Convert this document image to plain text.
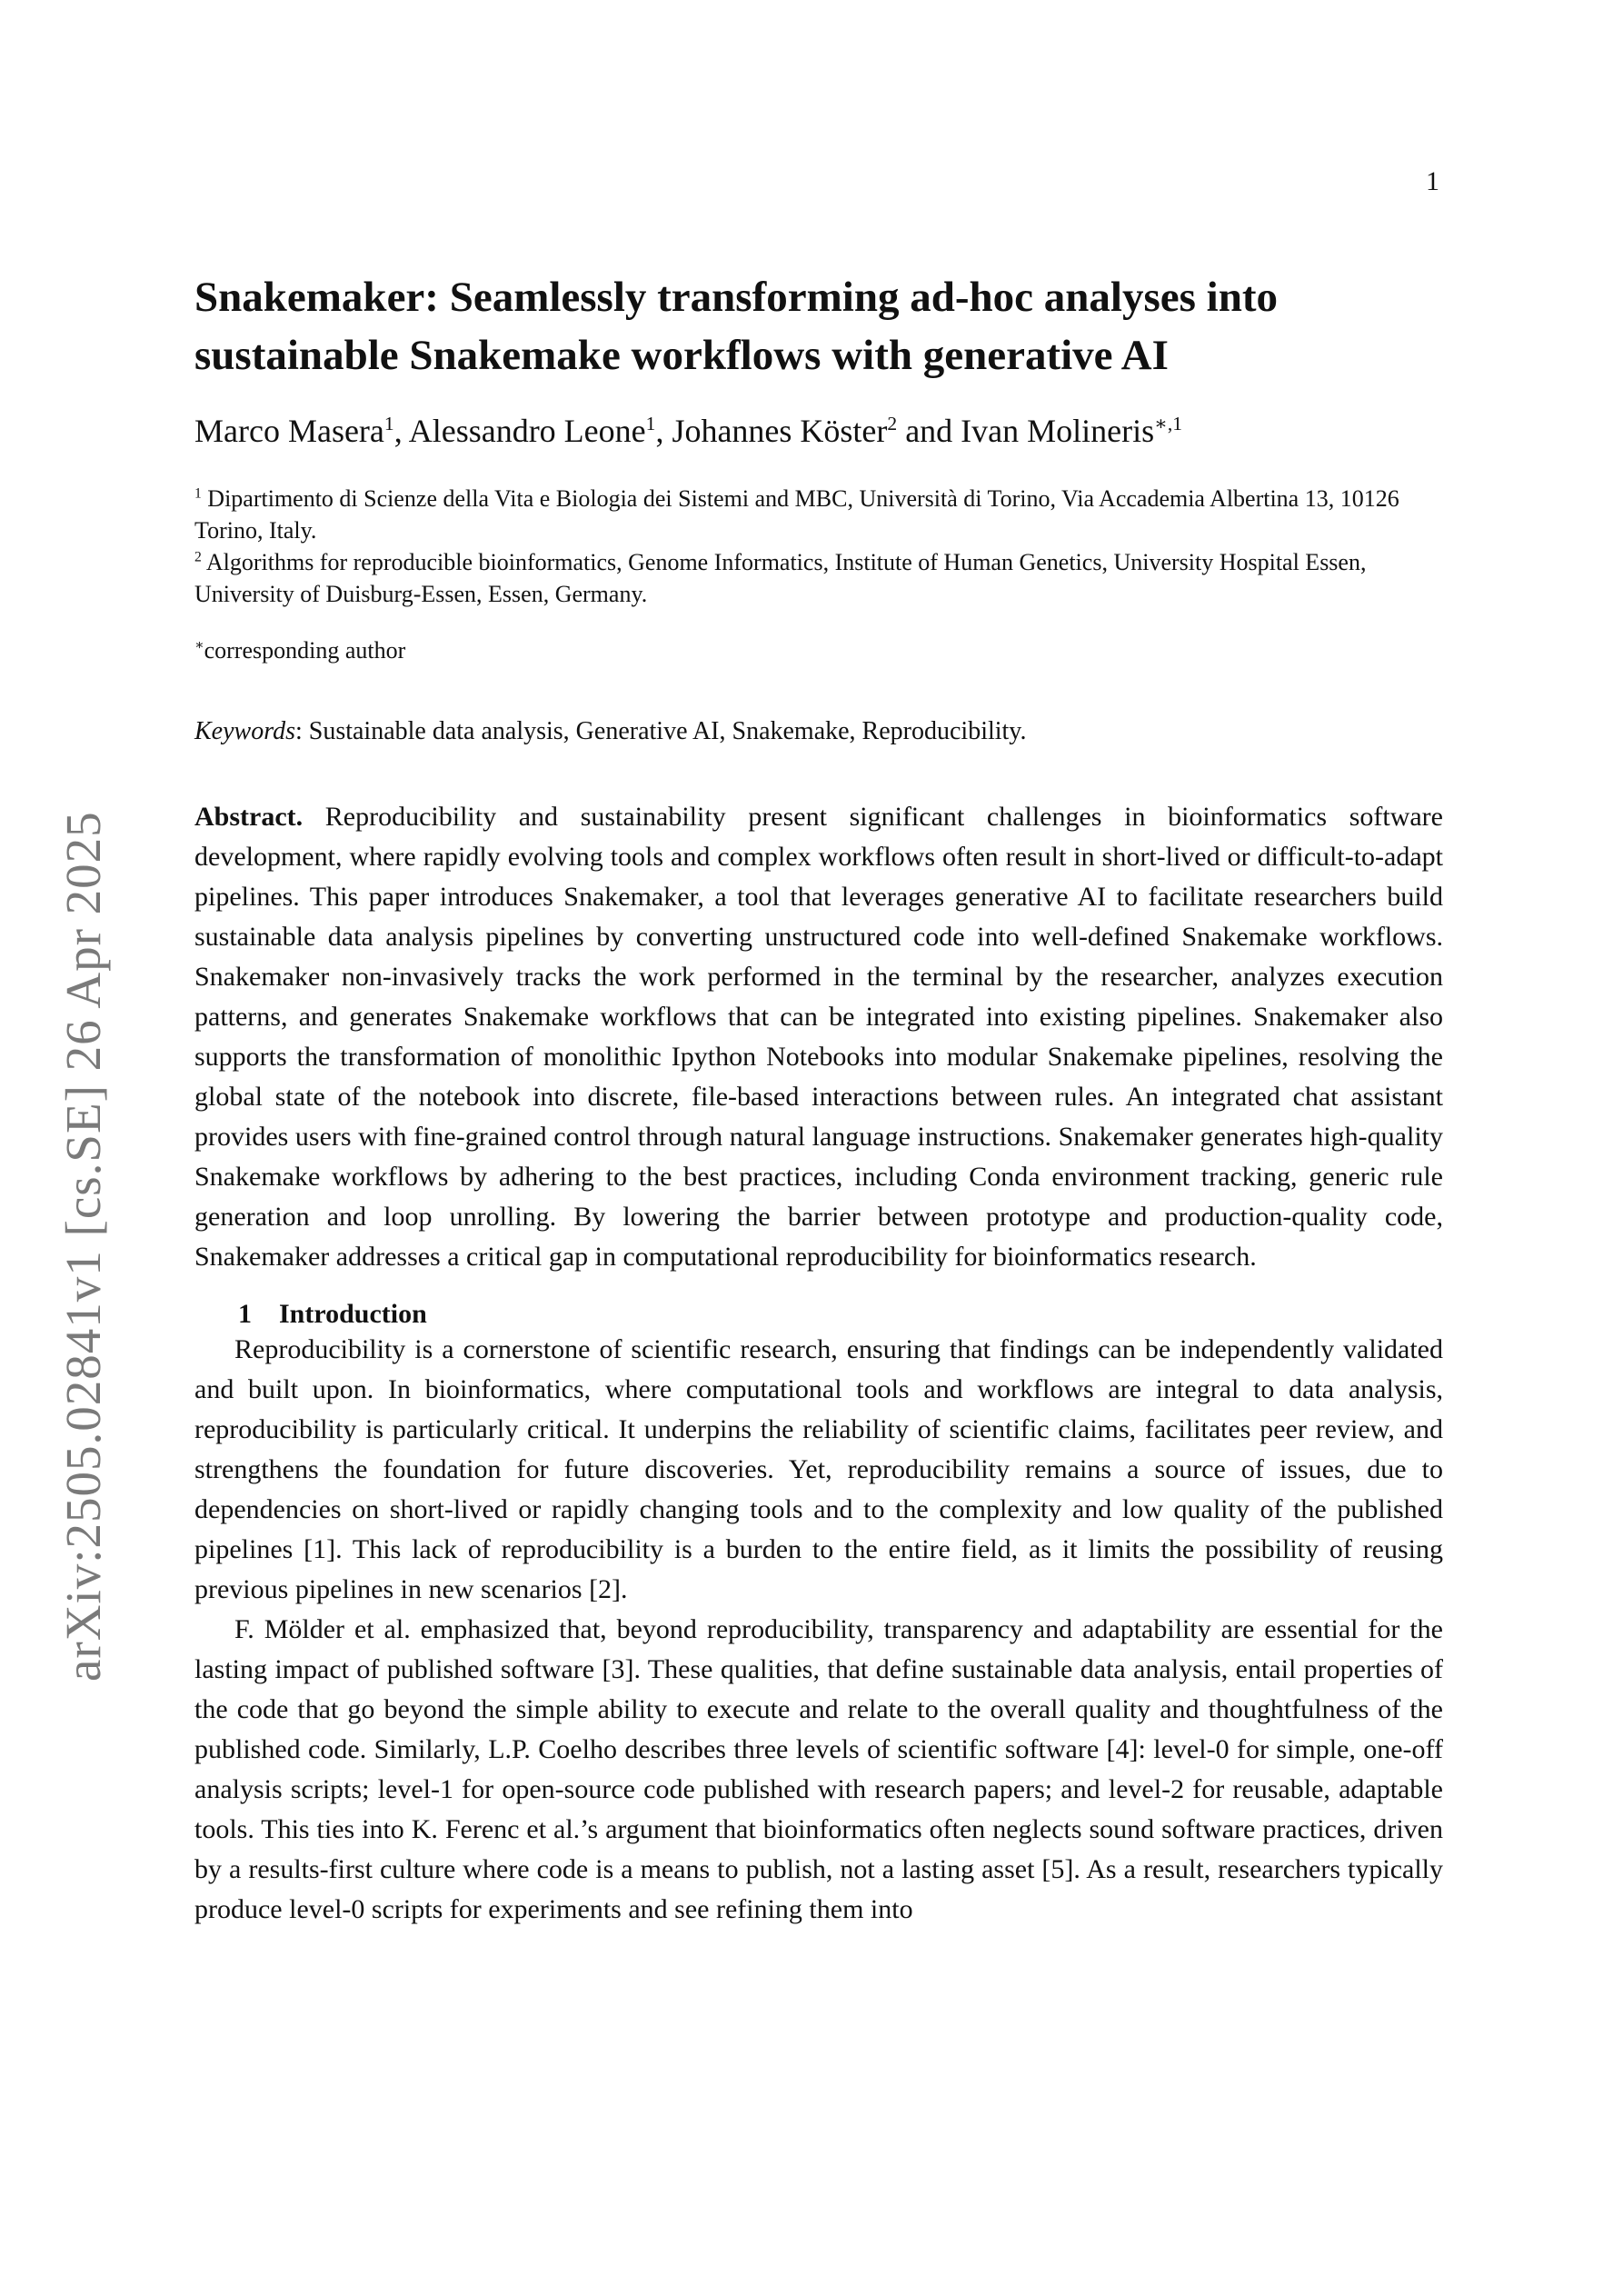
1
arXiv:2505.02841v1 [cs.SE] 26 Apr 2025
Snakemaker: Seamlessly transforming ad-hoc analyses into sustainable Snakemake workflows with generative AI
Marco Masera$^1$, Alessandro Leone$^1$, Johannes Köster$^2$ and Ivan Molineris$^{∗,1}$

$^1$ Dipartimento di Scienze della Vita e Biologia dei Sistemi and MBC, Università di Torino, Via Accademia Albertina 13, 10126 Torino, Italy.

$^2$ Algorithms for reproducible bioinformatics, Genome Informatics, Institute of Human Genetics, University Hospital Essen, University of Duisburg-Essen, Essen, Germany.

∗corresponding author
Keywords: Sustainable data analysis, Generative AI, Snakemake, Reproducibility.
Abstract. Reproducibility and sustainability present significant challenges in bioinformatics software development, where rapidly evolving tools and complex workflows often result in short-lived or difficult-to-adapt pipelines. This paper introduces Snakemaker, a tool that leverages generative AI to facilitate researchers build sustainable data analysis pipelines by converting unstructured code into well-defined Snakemake workflows. Snakemaker non-invasively tracks the work performed in the terminal by the researcher, analyzes execution patterns, and generates Snakemake workflows that can be integrated into existing pipelines. Snakemaker also supports the transformation of monolithic Ipython Notebooks into modular Snakemake pipelines, resolving the global state of the notebook into discrete, file-based interactions between rules. An integrated chat assistant provides users with fine-grained control through natural language instructions. Snakemaker generates high-quality Snakemake workflows by adhering to the best practices, including Conda environment tracking, generic rule generation and loop unrolling. By lowering the barrier between prototype and production-quality code, Snakemaker addresses a critical gap in computational reproducibility for bioinformatics research.
1 Introduction

Reproducibility is a cornerstone of scientific research, ensuring that findings can be independently validated and built upon. In bioinformatics, where computational tools and workflows are integral to data analysis, reproducibility is particularly critical. It underpins the reliability of scientific claims, facilitates peer review, and strengthens the foundation for future discoveries. Yet, reproducibility remains a source of issues, due to dependencies on short-lived or rapidly changing tools and to the complexity and low quality of the published pipelines [1]. This lack of reproducibility is a burden to the entire field, as it limits the possibility of reusing previous pipelines in new scenarios [2].

F. Mölder et al. emphasized that, beyond reproducibility, transparency and adaptability are essential for the lasting impact of published software [3]. These qualities, that define sustainable data analysis, entail properties of the code that go beyond the simple ability to execute and relate to the overall quality and thoughtfulness of the published code. Similarly, L.P. Coelho describes three levels of scientific software [4]: level-0 for simple, one-off analysis scripts; level-1 for open-source code published with research papers; and level-2 for reusable, adaptable tools. This ties into K. Ferenc et al.’s argument that bioinformatics often neglects sound software practices, driven by a results-first culture where code is a means to publish, not a lasting asset [5]. As a result, researchers typically produce level-0 scripts for experiments and see refining them into
